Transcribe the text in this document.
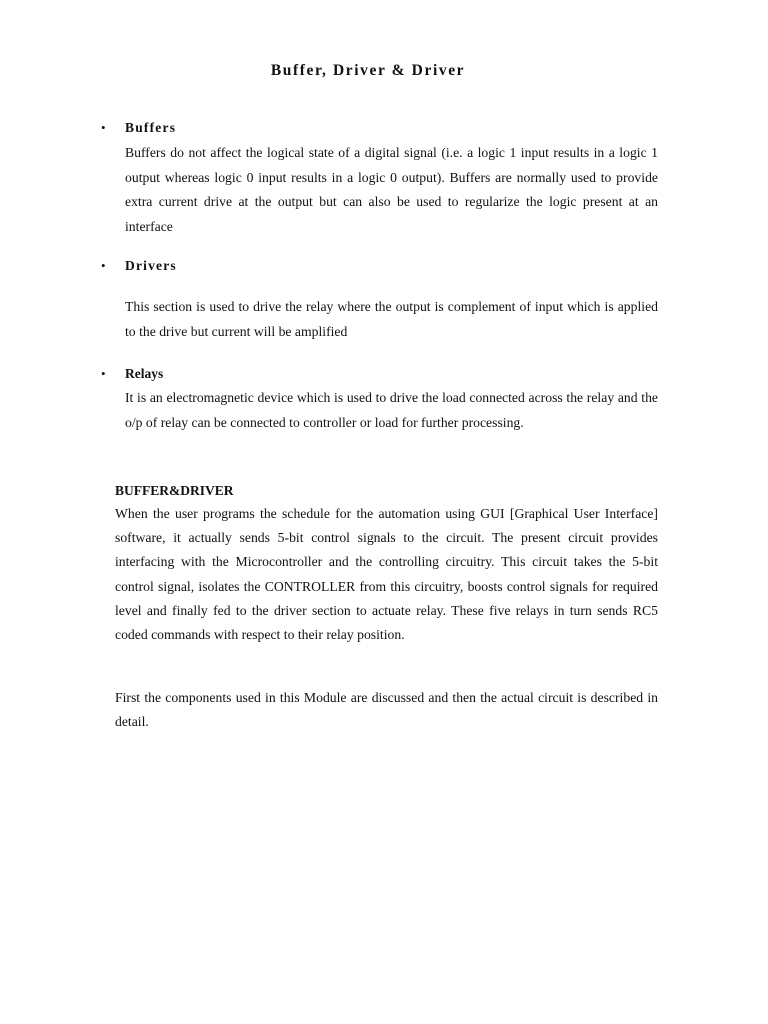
Buffer, Driver & Driver
• Buffers

Buffers do not affect the logical state of a digital signal (i.e. a logic 1 input results in a logic 1 output whereas logic 0 input results in a logic 0 output). Buffers are normally used to provide extra current drive at the output but can also be used to regularize the logic present at an interface

• Drivers

This section is used to drive the relay where the output is complement of input which is applied to the drive but current will be amplified

• Relays

It is an electromagnetic device which is used to drive the load connected across the relay and the o/p of relay can be connected to controller or load for further processing.

BUFFER&DRIVER

When the user programs the schedule for the automation using GUI [Graphical User Interface] software, it actually sends 5-bit control signals to the circuit. The present circuit provides interfacing with the Microcontroller and the controlling circuitry. This circuit takes the 5-bit control signal, isolates the CONTROLLER from this circuitry, boosts control signals for required level and finally fed to the driver section to actuate relay. These five relays in turn sends RC5 coded commands with respect to their relay position.

First the components used in this Module are discussed and then the actual circuit is described in detail.
